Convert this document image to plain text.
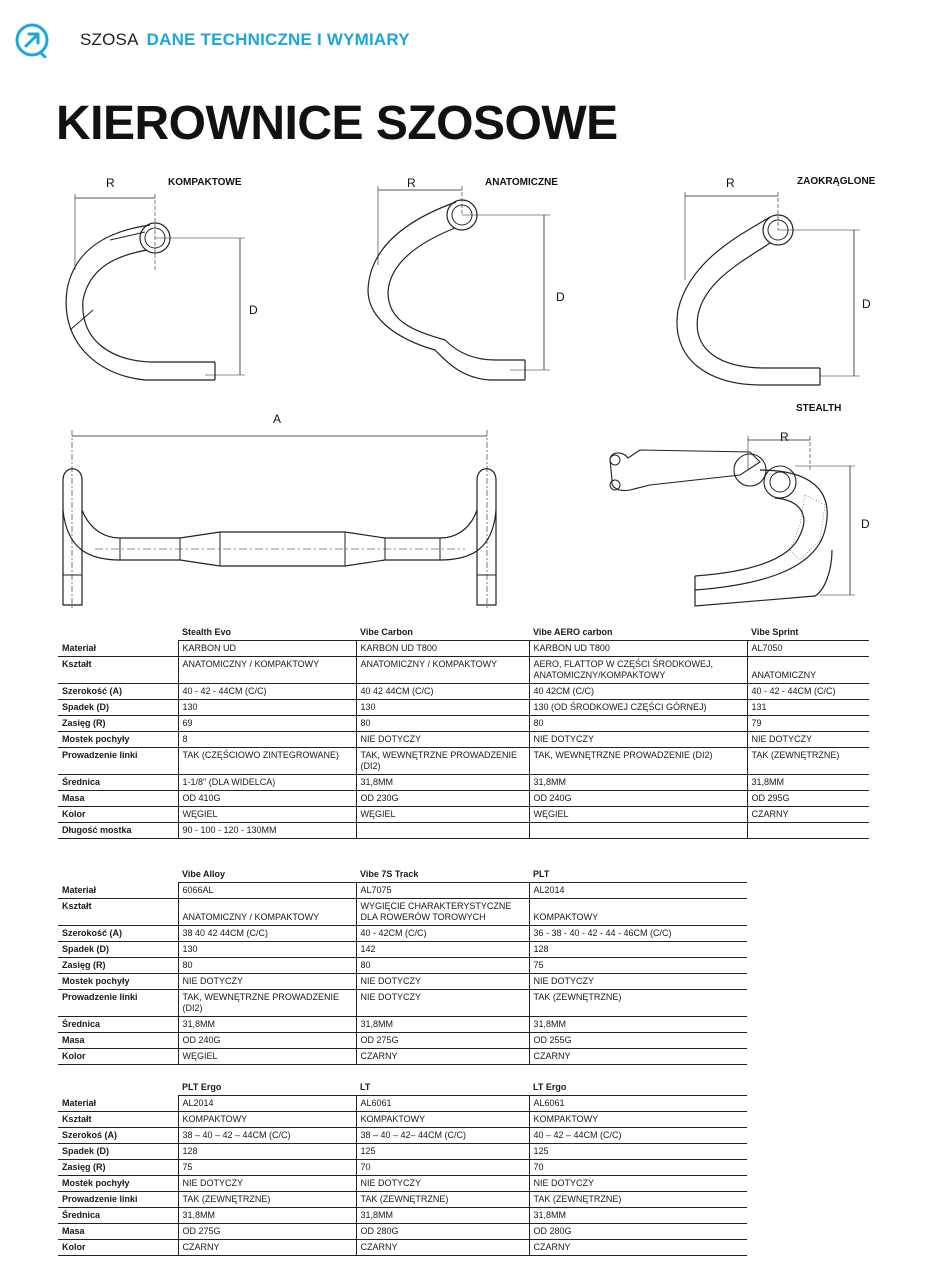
SZOSA DANE TECHNICZNE I WYMIARY
KIEROWNICE SZOSOWE
R
D
KOMPAKTOWE	R
D
ANATOMICZNE	R
D
ZAOKRĄGLONE
A
R
D
STEALTH
	Stealth Evo	Vibe Carbon	Vibe AERO carbon	Vibe Sprint
Materiał	KARBON UD	KARBON UD T800	KARBON UD T800	AL7050
Kształt	ANATOMICZNY / KOMPAKTOWY	ANATOMICZNY / KOMPAKTOWY	AERO, FLATTOP W CZĘŚCI ŚRODKOWEJ, ANATOMICZNY/KOMPAKTOWY	ANATOMICZNY
Szerokość (A)	40 - 42 - 44CM (C/C)	40 42 44CM (C/C)	40 42CM (C/C)	40 - 42 - 44CM (C/C)
Spadek (D)	130	130	130 (OD ŚRODKOWEJ CZĘŚCI GÓRNEJ)	131
Zasięg (R)	69	80	80	79
Mostek pochyły	8	NIE DOTYCZY	NIE DOTYCZY	NIE DOTYCZY
Prowadzenie linki	TAK (CZĘŚCIOWO ZINTEGROWANE)	TAK, WEWNĘTRZNE PROWADZENIE (DI2)	TAK, WEWNĘTRZNE PROWADZENIE (DI2)	TAK (ZEWNĘTRZNE)
Średnica	1-1/8" (DLA WIDELCA)	31,8MM	31,8MM	31,8MM
Masa	OD 410G	OD 230G	OD 240G	OD 295G
Kolor	WĘGIEL	WĘGIEL	WĘGIEL	CZARNY
Długość mostka	90 - 100 - 120 - 130MM			
	Vibe Alloy	Vibe 7S Track	PLT
Materiał	6066AL	AL7075	AL2014
Kształt	ANATOMICZNY / KOMPAKTOWY	WYGIĘCIE CHARAKTERYSTYCZNE DLA ROWERÓW TOROWYCH	KOMPAKTOWY
Szerokość (A)	38 40 42 44CM (C/C)	40 - 42CM (C/C)	36 - 38 - 40 - 42 - 44 - 46CM (C/C)
Spadek (D)	130	142	128
Zasięg (R)	80	80	75
Mostek pochyły	NIE DOTYCZY	NIE DOTYCZY	NIE DOTYCZY
Prowadzenie linki	TAK, WEWNĘTRZNE PROWADZENIE (DI2)	NIE DOTYCZY	TAK (ZEWNĘTRZNE)
Średnica	31,8MM	31,8MM	31,8MM
Masa	OD 240G	OD 275G	OD 255G
Kolor	WĘGIEL	CZARNY	CZARNY
	PLT Ergo	LT	LT Ergo
Materiał	AL2014	AL6061	AL6061
Kształt	KOMPAKTOWY	KOMPAKTOWY	KOMPAKTOWY
Szerokoś (A)	38 – 40 – 42 – 44CM (C/C)	38 – 40 – 42– 44CM (C/C)	40 – 42 – 44CM (C/C)
Spadek (D)	128	125	125
Zasięg (R)	75	70	70
Mostek pochyły	NIE DOTYCZY	NIE DOTYCZY	NIE DOTYCZY
Prowadzenie linki	TAK (ZEWNĘTRZNE)	TAK (ZEWNĘTRZNE)	TAK (ZEWNĘTRZNE)
Średnica	31,8MM	31,8MM	31,8MM
Masa	OD 275G	OD 280G	OD 280G
Kolor	CZARNY	CZARNY	CZARNY
